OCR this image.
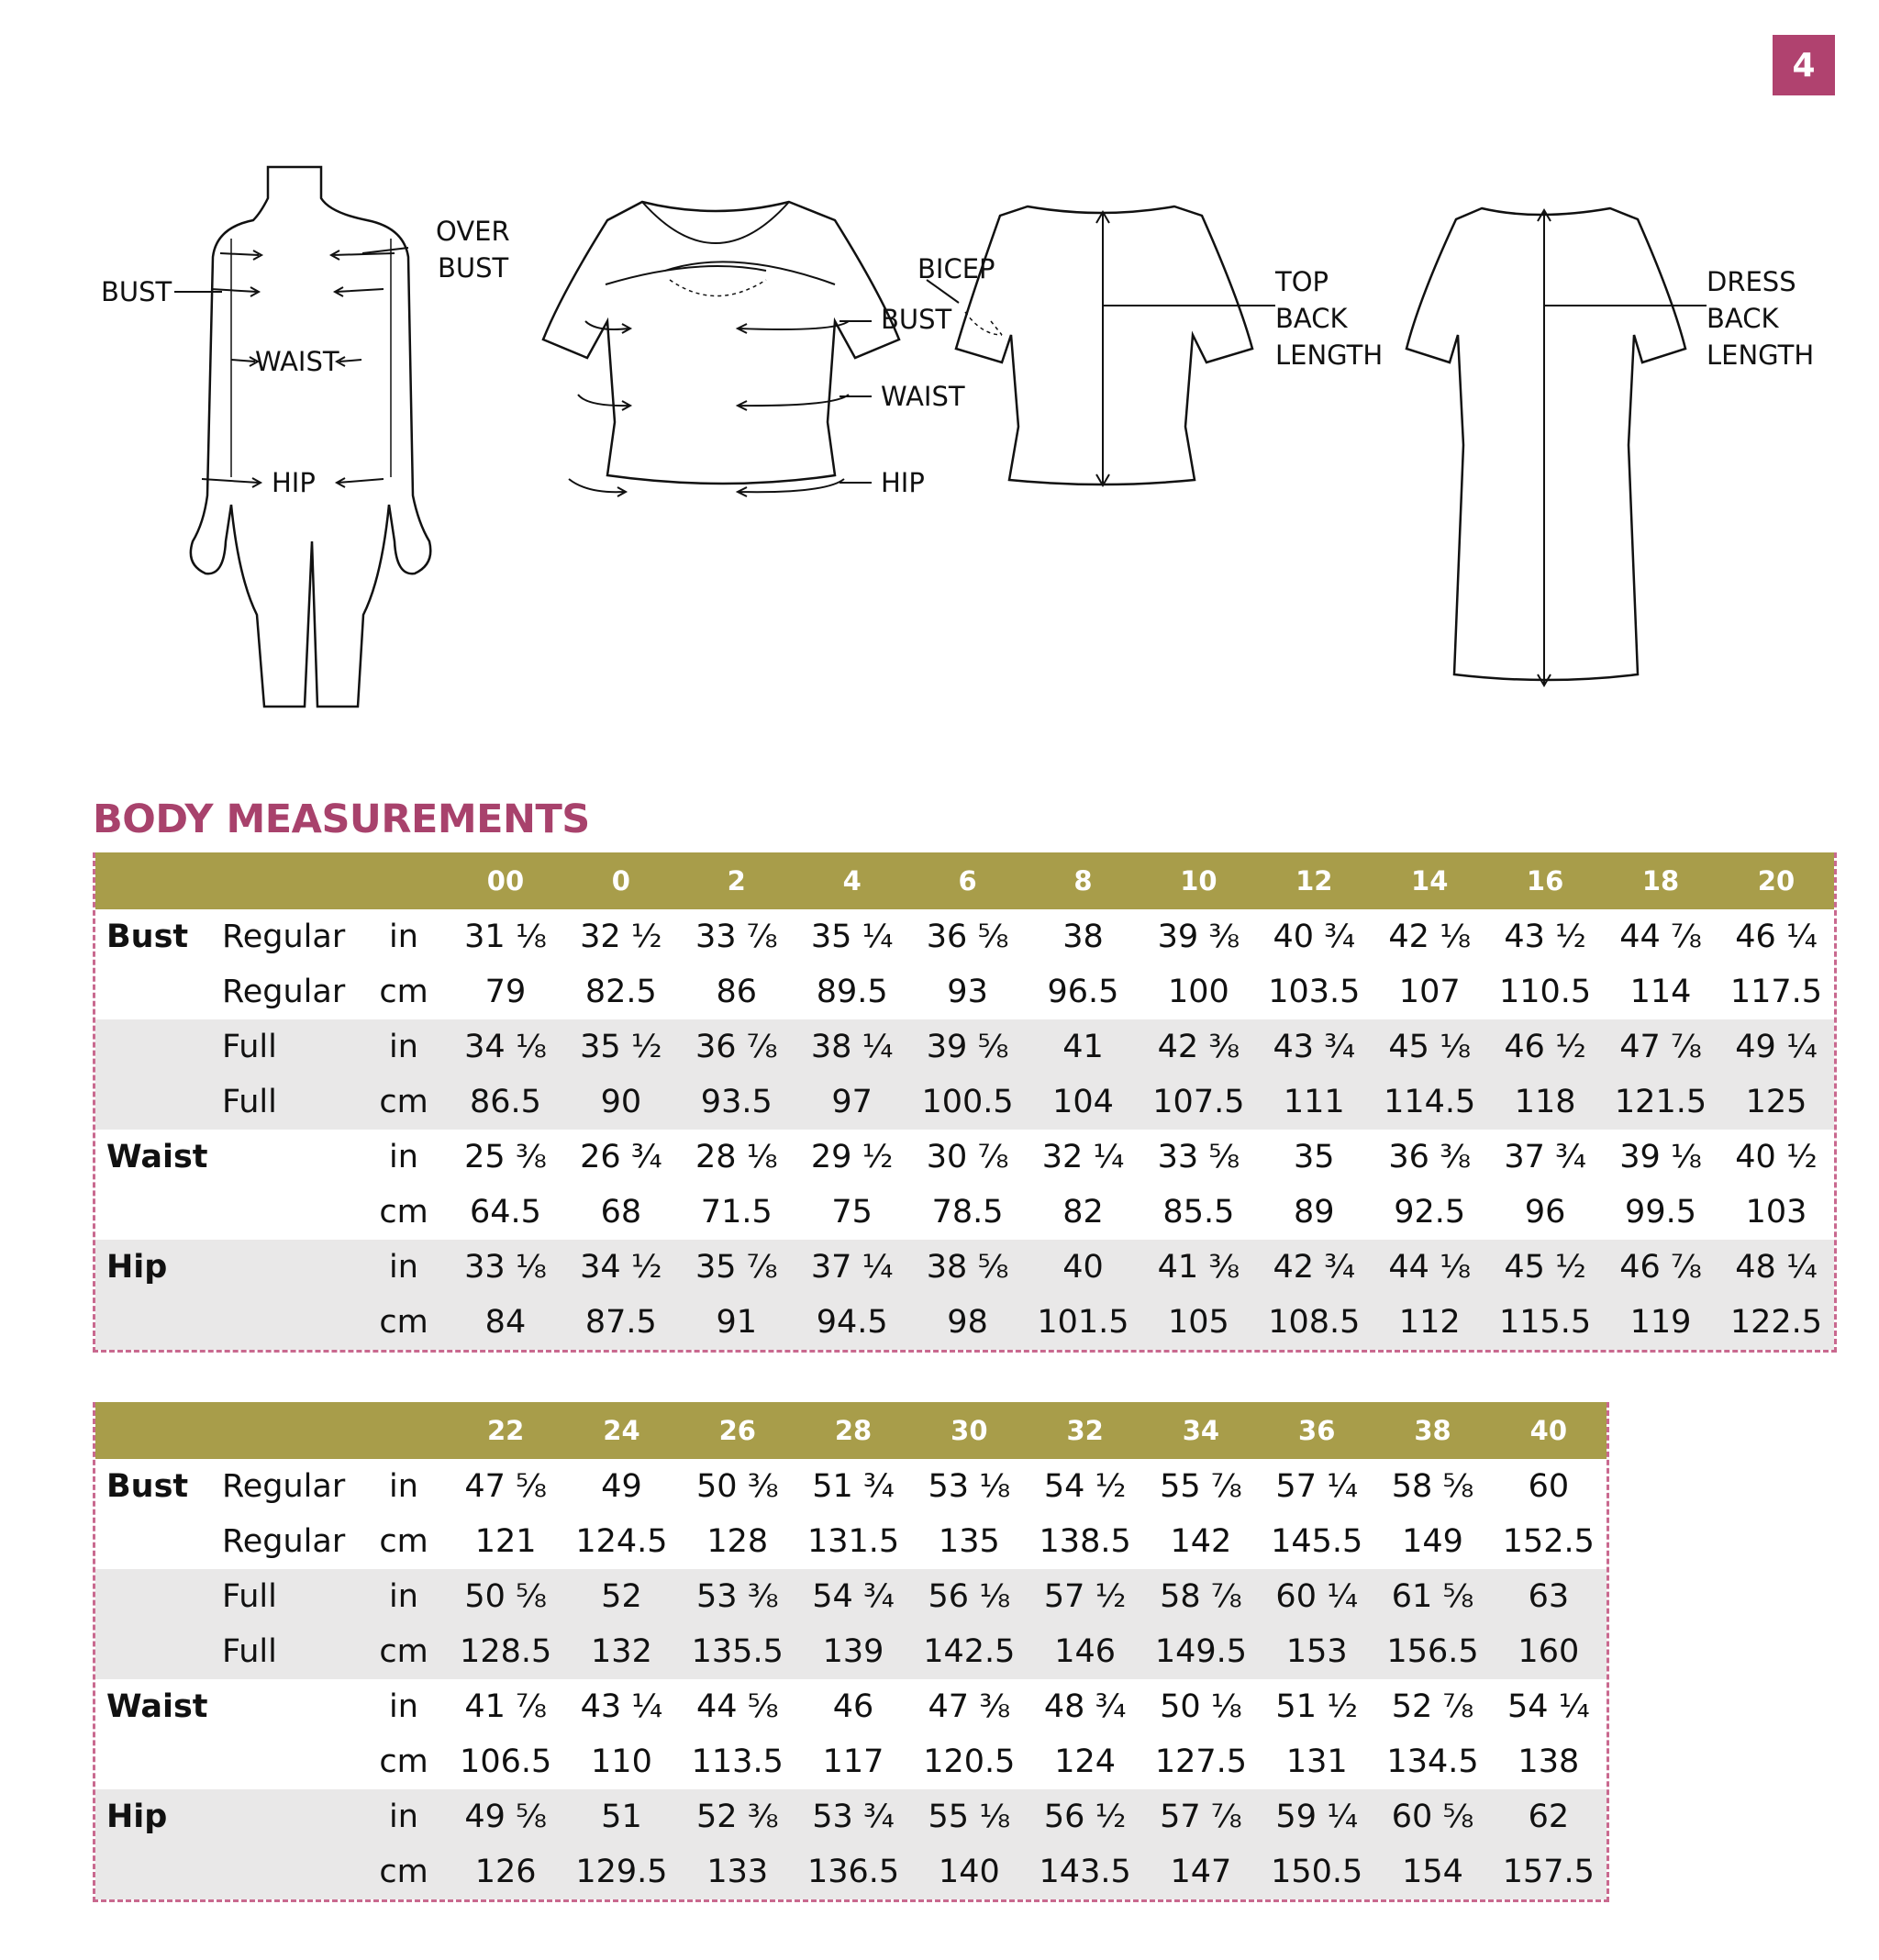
4
OVER
BUST
BUST
WAIST
HIP
BUST
WAIST
HIP
BICEP	TOP
BACK
LENGTH
DRESS
BACK
LENGTH
BODY MEASUREMENTS
			00	0	2	4	6	8	10	12	14	16	18	20
Bust	Regular	in	31 ⅛	32 ½	33 ⅞	35 ¼	36 ⅝	38	39 ⅜	40 ¾	42 ⅛	43 ½	44 ⅞	46 ¼
	Regular	cm	79	82.5	86	89.5	93	96.5	100	103.5	107	110.5	114	117.5
	Full	in	34 ⅛	35 ½	36 ⅞	38 ¼	39 ⅝	41	42 ⅜	43 ¾	45 ⅛	46 ½	47 ⅞	49 ¼
	Full	cm	86.5	90	93.5	97	100.5	104	107.5	111	114.5	118	121.5	125
Waist		in	25 ⅜	26 ¾	28 ⅛	29 ½	30 ⅞	32 ¼	33 ⅝	35	36 ⅜	37 ¾	39 ⅛	40 ½
		cm	64.5	68	71.5	75	78.5	82	85.5	89	92.5	96	99.5	103
Hip		in	33 ⅛	34 ½	35 ⅞	37 ¼	38 ⅝	40	41 ⅜	42 ¾	44 ⅛	45 ½	46 ⅞	48 ¼
		cm	84	87.5	91	94.5	98	101.5	105	108.5	112	115.5	119	122.5
			22	24	26	28	30	32	34	36	38	40
Bust	Regular	in	47 ⅝	49	50 ⅜	51 ¾	53 ⅛	54 ½	55 ⅞	57 ¼	58 ⅝	60
	Regular	cm	121	124.5	128	131.5	135	138.5	142	145.5	149	152.5
	Full	in	50 ⅝	52	53 ⅜	54 ¾	56 ⅛	57 ½	58 ⅞	60 ¼	61 ⅝	63
	Full	cm	128.5	132	135.5	139	142.5	146	149.5	153	156.5	160
Waist		in	41 ⅞	43 ¼	44 ⅝	46	47 ⅜	48 ¾	50 ⅛	51 ½	52 ⅞	54 ¼
		cm	106.5	110	113.5	117	120.5	124	127.5	131	134.5	138
Hip		in	49 ⅝	51	52 ⅜	53 ¾	55 ⅛	56 ½	57 ⅞	59 ¼	60 ⅝	62
		cm	126	129.5	133	136.5	140	143.5	147	150.5	154	157.5
